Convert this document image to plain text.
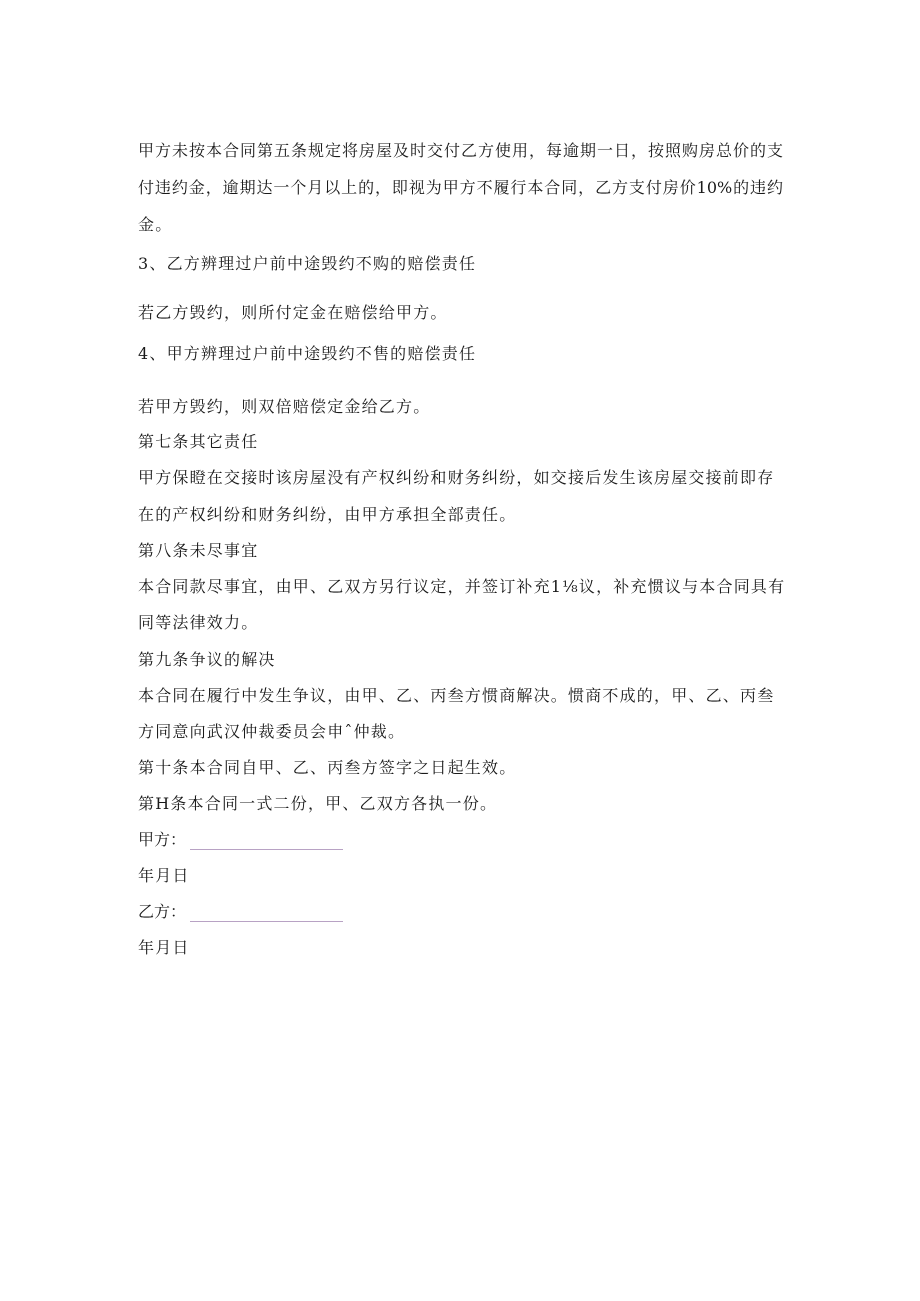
甲方未按本合同第五条规定将房屋及时交付乙方使用，每逾期一日，按照购房总价的支
付违约金，逾期达一个月以上的，即视为甲方不履行本合同，乙方支付房价10%的违约
金。
3、乙方辨理过户前中途毁约不购的赔偿责任
若乙方毁约，则所付定金在赔偿给甲方。
4、甲方辨理过户前中途毁约不售的赔偿责任
若甲方毁约，则双倍赔偿定金给乙方。
第七条其它责任
甲方保瞪在交接时该房屋没有产权纠纷和财务纠纷，如交接后发生该房屋交接前即存
在的产权纠纷和财务纠纷，由甲方承担全部责任。
第八条未尽事宜
本合同款尽事宜，由甲、乙双方另行议定，并签订补充1⅛议，补充惯议与本合同具有
同等法律效力。
第九条争议的解决
本合同在履行中发生争议，由甲、乙、丙叁方惯商解决。惯商不成的，甲、乙、丙叁
方同意向武汉仲裁委员会申ˆ仲裁。
第十条本合同自甲、乙、丙叁方签字之日起生效。
第H条本合同一式二份，甲、乙双方各执一份。
甲方：
年月日
乙方：
年月日
